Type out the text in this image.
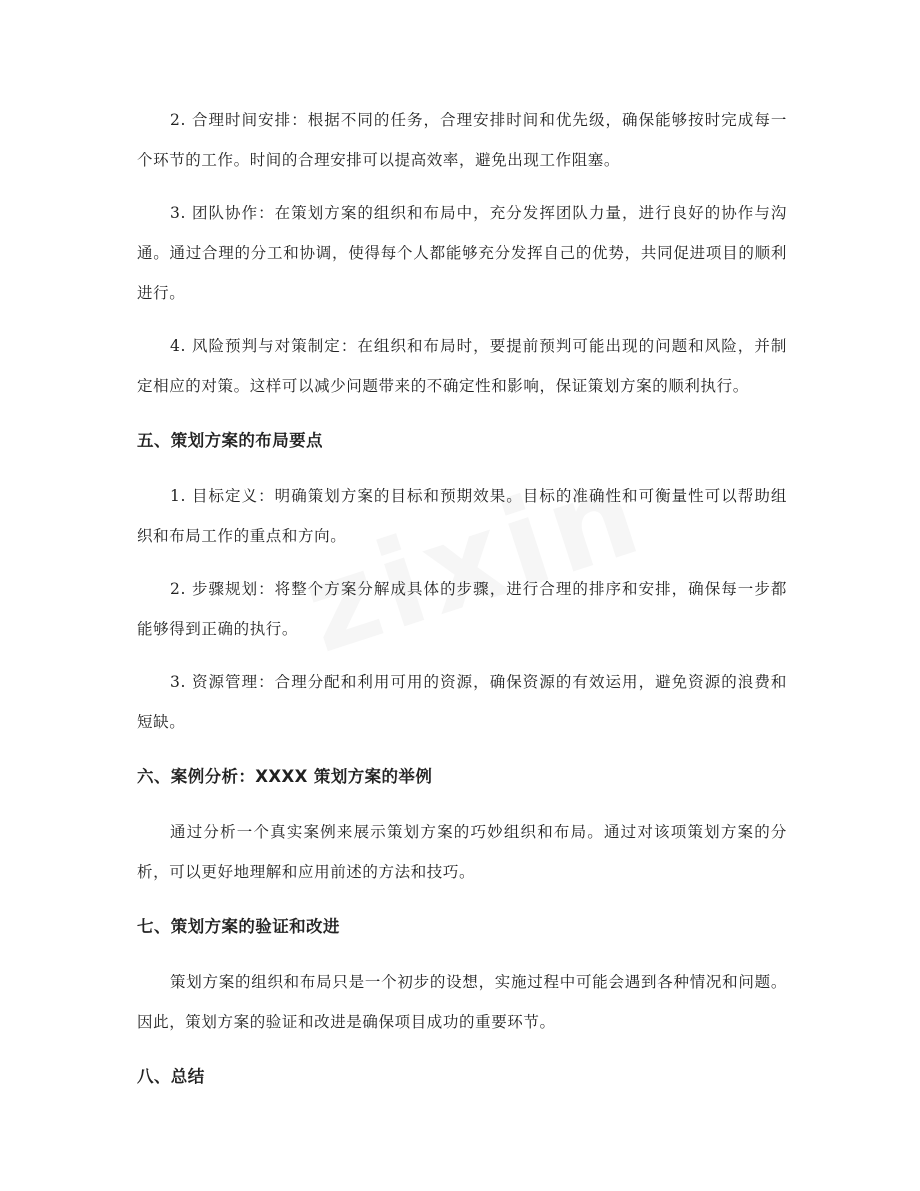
2. 合理时间安排：根据不同的任务，合理安排时间和优先级，确保能够按时完成每一个环节的工作。时间的合理安排可以提高效率，避免出现工作阻塞。

3. 团队协作：在策划方案的组织和布局中，充分发挥团队力量，进行良好的协作与沟通。通过合理的分工和协调，使得每个人都能够充分发挥自己的优势，共同促进项目的顺利进行。

4. 风险预判与对策制定：在组织和布局时，要提前预判可能出现的问题和风险，并制定相应的对策。这样可以减少问题带来的不确定性和影响，保证策划方案的顺利执行。

五、策划方案的布局要点

1. 目标定义：明确策划方案的目标和预期效果。目标的准确性和可衡量性可以帮助组织和布局工作的重点和方向。

2. 步骤规划：将整个方案分解成具体的步骤，进行合理的排序和安排，确保每一步都能够得到正确的执行。

3. 资源管理：合理分配和利用可用的资源，确保资源的有效运用，避免资源的浪费和短缺。

六、案例分析：XXXX 策划方案的举例

通过分析一个真实案例来展示策划方案的巧妙组织和布局。通过对该项策划方案的分析，可以更好地理解和应用前述的方法和技巧。

七、策划方案的验证和改进

策划方案的组织和布局只是一个初步的设想，实施过程中可能会遇到各种情况和问题。因此，策划方案的验证和改进是确保项目成功的重要环节。

八、总结
